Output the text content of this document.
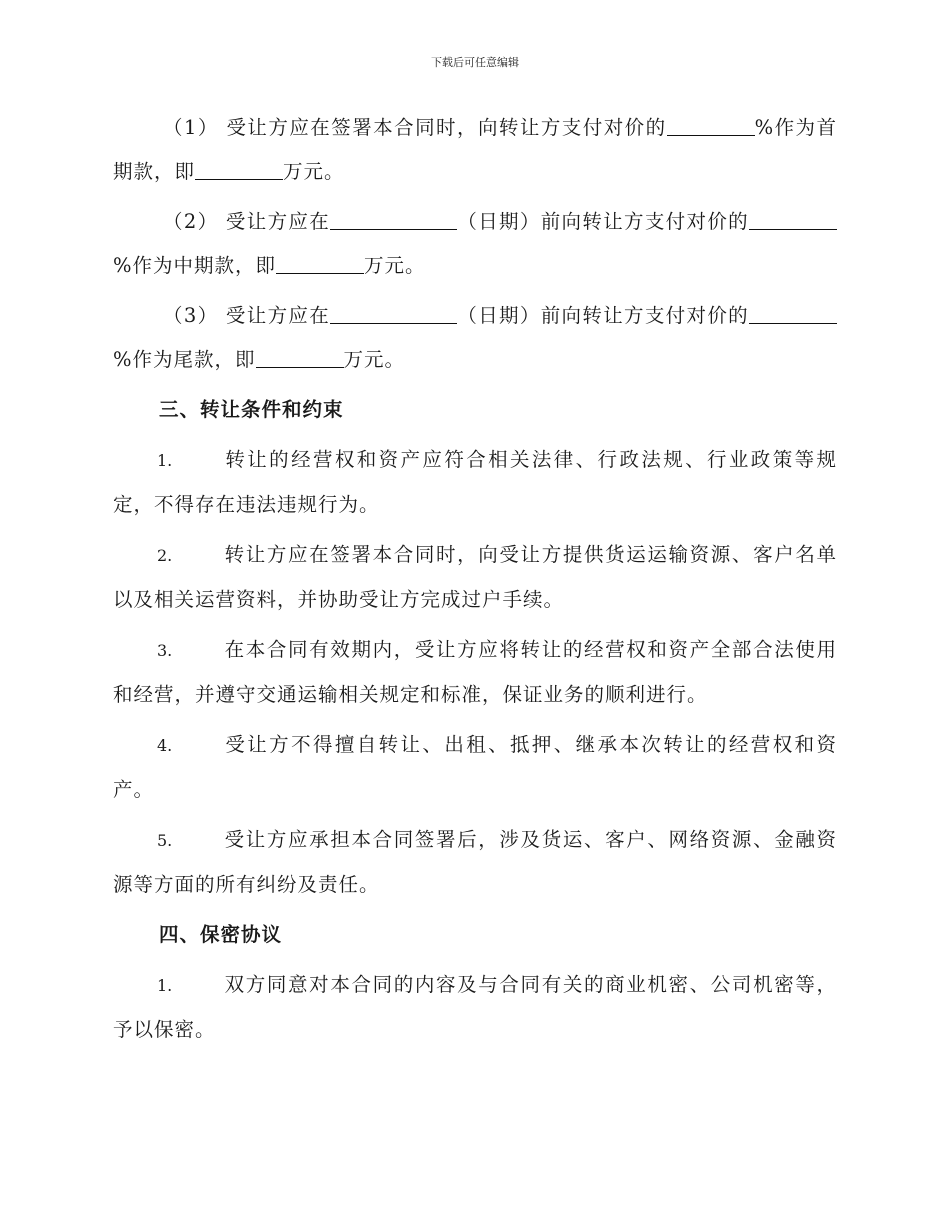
下载后可任意编辑

（1） 受让方应在签署本合同时，向转让方支付对价的	%作为首期款，即	万元。

（2） 受让方应在	（日期）前向转让方支付对价的%作为中期款，即	万元。

（3） 受让方应在	（日期）前向转让方支付对价的%作为尾款，即	万元。

三、转让条件和约束

1.	转让的经营权和资产应符合相关法律、行政法规、行业政策等规定，不得存在违法违规行为。

2.	转让方应在签署本合同时，向受让方提供货运运输资源、客户名单以及相关运营资料，并协助受让方完成过户手续。

3.	在本合同有效期内，受让方应将转让的经营权和资产全部合法使用和经营，并遵守交通运输相关规定和标准，保证业务的顺利进行。

4.	受让方不得擅自转让、出租、抵押、继承本次转让的经营权和资产。

5.	受让方应承担本合同签署后，涉及货运、客户、网络资源、金融资源等方面的所有纠纷及责任。

四、保密协议

1.	双方同意对本合同的内容及与合同有关的商业机密、公司机密等，予以保密。
